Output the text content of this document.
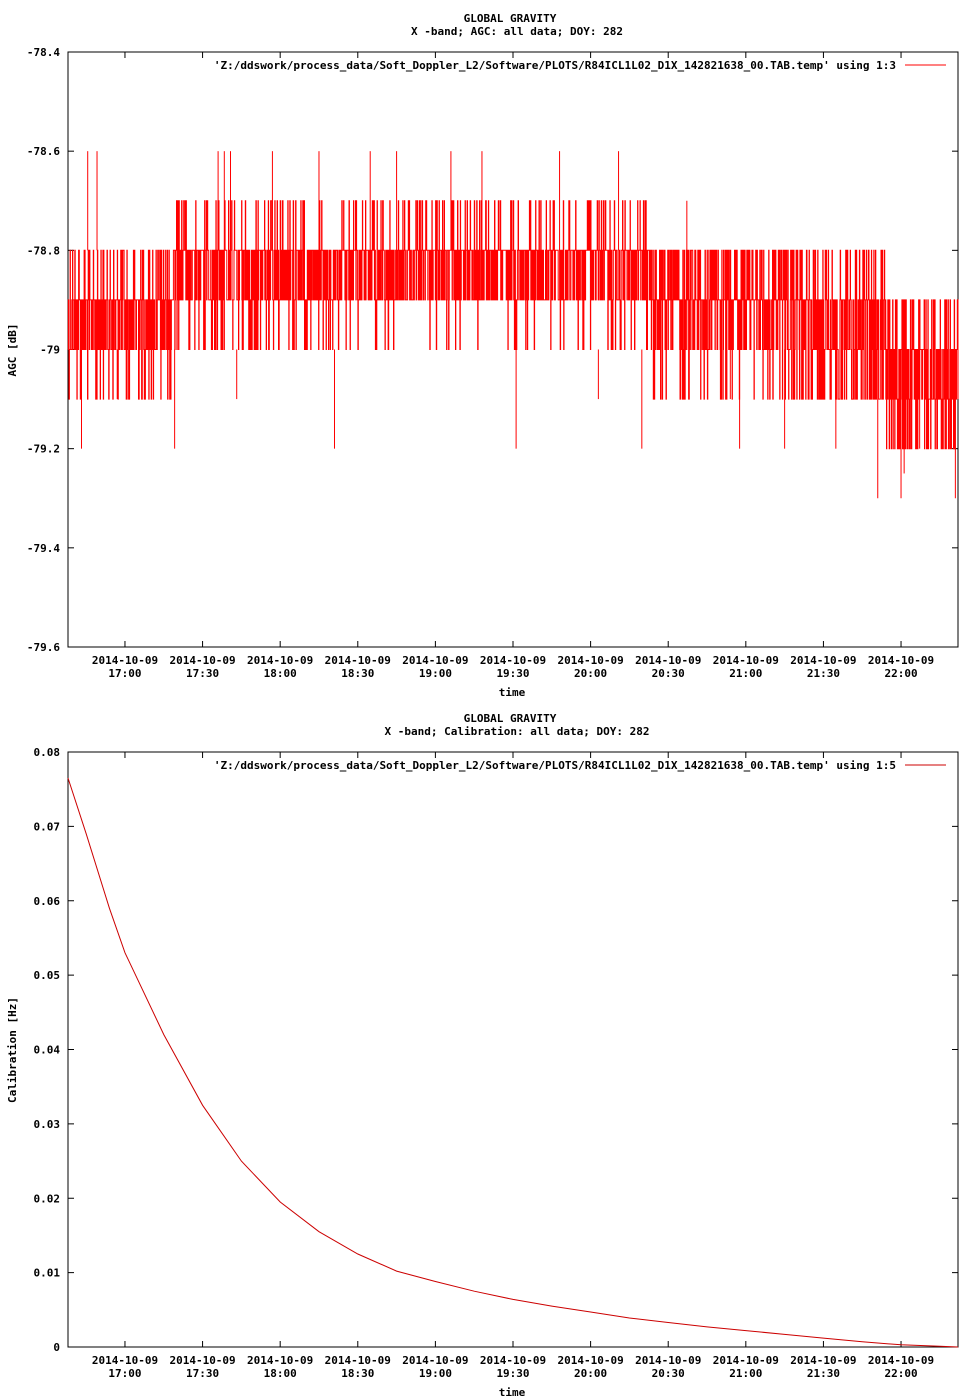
GLOBAL GRAVITY
X -band; AGC: all data; DOY: 282
-78.4
-78.6
-78.8
-79
-79.2
-79.4
-79.6
2014-10-09
17:00
2014-10-09
17:30
2014-10-09
18:00
2014-10-09
18:30
2014-10-09
19:00
2014-10-09
19:30
2014-10-09
20:00
2014-10-09
20:30
2014-10-09
21:00
2014-10-09
21:30
2014-10-09
22:00
'Z:/ddswork/process_data/Soft_Doppler_L2/Software/PLOTS/R84ICL1L02_D1X_142821638_00.TAB.temp' using 1:3
time
AGC [dB]
GLOBAL GRAVITY
X -band; Calibration: all data; DOY: 282
0.08
0.07
0.06
0.05
0.04
0.03
0.02
0.01
0
2014-10-09
17:00
2014-10-09
17:30
2014-10-09
18:00
2014-10-09
18:30
2014-10-09
19:00
2014-10-09
19:30
2014-10-09
20:00
2014-10-09
20:30
2014-10-09
21:00
2014-10-09
21:30
2014-10-09
22:00
'Z:/ddswork/process_data/Soft_Doppler_L2/Software/PLOTS/R84ICL1L02_D1X_142821638_00.TAB.temp' using 1:5
time
Calibration [Hz]
